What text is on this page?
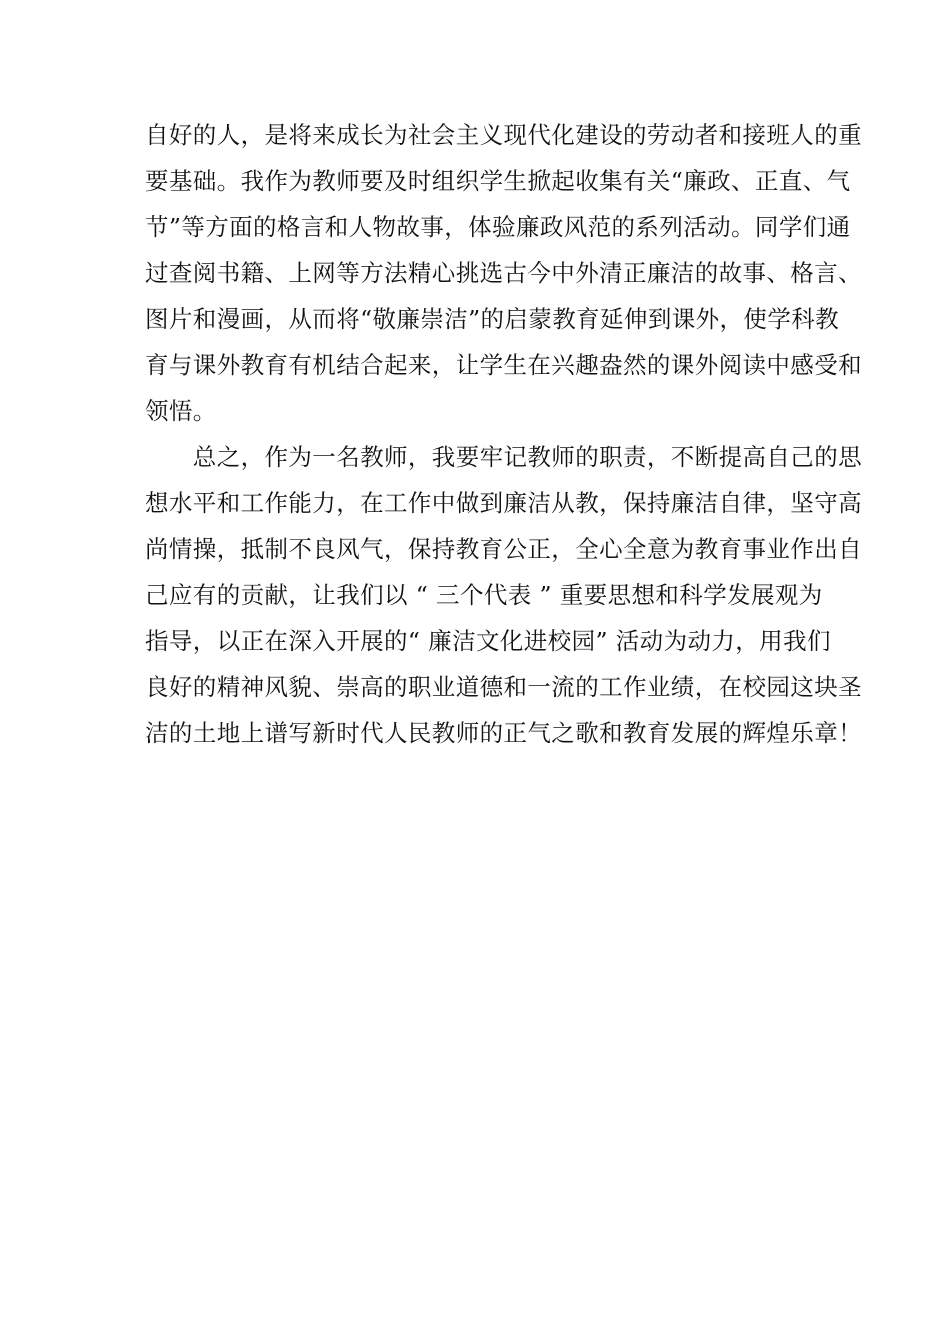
自好的人，是将来成长为社会主义现代化建设的劳动者和接班人的重
要基础。我作为教师要及时组织学生掀起收集有关“廉政、正直、气
节”等方面的格言和人物故事，体验廉政风范的系列活动。同学们通
过查阅书籍、上网等方法精心挑选古今中外清正廉洁的故事、格言、
图片和漫画，从而将“敬廉崇洁”的启蒙教育延伸到课外，使学科教
育与课外教育有机结合起来，让学生在兴趣盎然的课外阅读中感受和
领悟。
　　总之，作为一名教师，我要牢记教师的职责，不断提高自己的思
想水平和工作能力，在工作中做到廉洁从教，保持廉洁自律，坚守高
尚情操，抵制不良风气，保持教育公正，全心全意为教育事业作出自
己应有的贡献，让我们以 “ 三个代表 ” 重要思想和科学发展观为
指导，以正在深入开展的“ 廉洁文化进校园” 活动为动力，用我们
良好的精神风貌、崇高的职业道德和一流的工作业绩，在校园这块圣
洁的土地上谱写新时代人民教师的正气之歌和教育发展的辉煌乐章！
